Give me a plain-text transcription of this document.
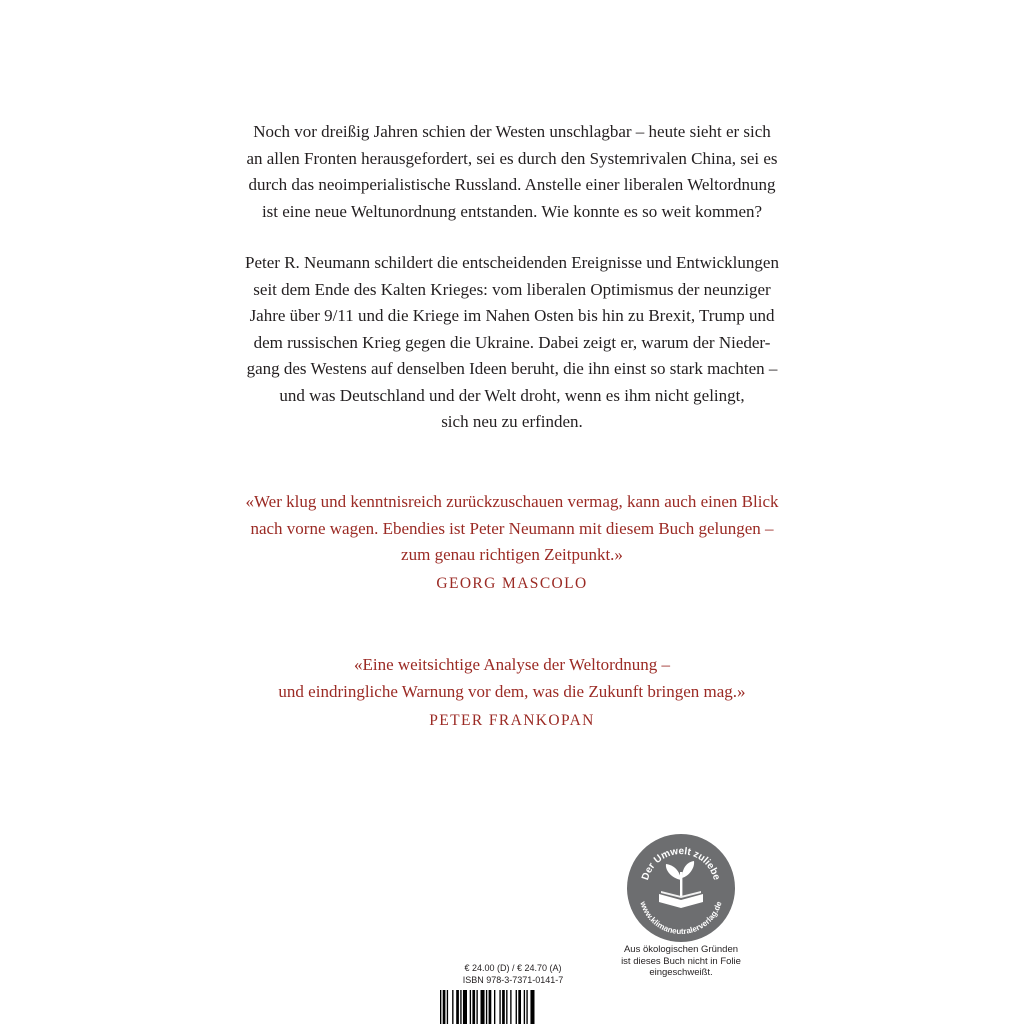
Noch vor dreißig Jahren schien der Westen unschlagbar – heute sieht er sich
an allen Fronten herausgefordert, sei es durch den Systemrivalen China, sei es
durch das neoimperialistische Russland. Anstelle einer liberalen Weltordnung
ist eine neue Weltunordnung entstanden. Wie konnte es so weit kommen?

Peter R. Neumann schildert die entscheidenden Ereignisse und Entwicklungen
seit dem Ende des Kalten Krieges: vom liberalen Optimismus der neunziger
Jahre über 9/11 und die Kriege im Nahen Osten bis hin zu Brexit, Trump und
dem russischen Krieg gegen die Ukraine. Dabei zeigt er, warum der Nieder-
gang des Westens auf denselben Ideen beruht, die ihn einst so stark machten –
und was Deutschland und der Welt droht, wenn es ihm nicht gelingt,
sich neu zu erfinden.

«Wer klug und kenntnisreich zurückzuschauen vermag, kann auch einen Blick
nach vorne wagen. Ebendies ist Peter Neumann mit diesem Buch gelungen –
zum genau richtigen Zeitpunkt.»

GEORG MASCOLO

«Eine weitsichtige Analyse der Weltordnung –
und eindringliche Warnung vor dem, was die Zukunft bringen mag.»

PETER FRANKOPAN

Der Umwelt zuliebe
www.klimaneutralerverlag.de
Aus ökologischen Gründen
ist dieses Buch nicht in Folie
eingeschweißt.
€ 24.00 (D) / € 24.70 (A)
ISBN 978-3-7371-0141-7
